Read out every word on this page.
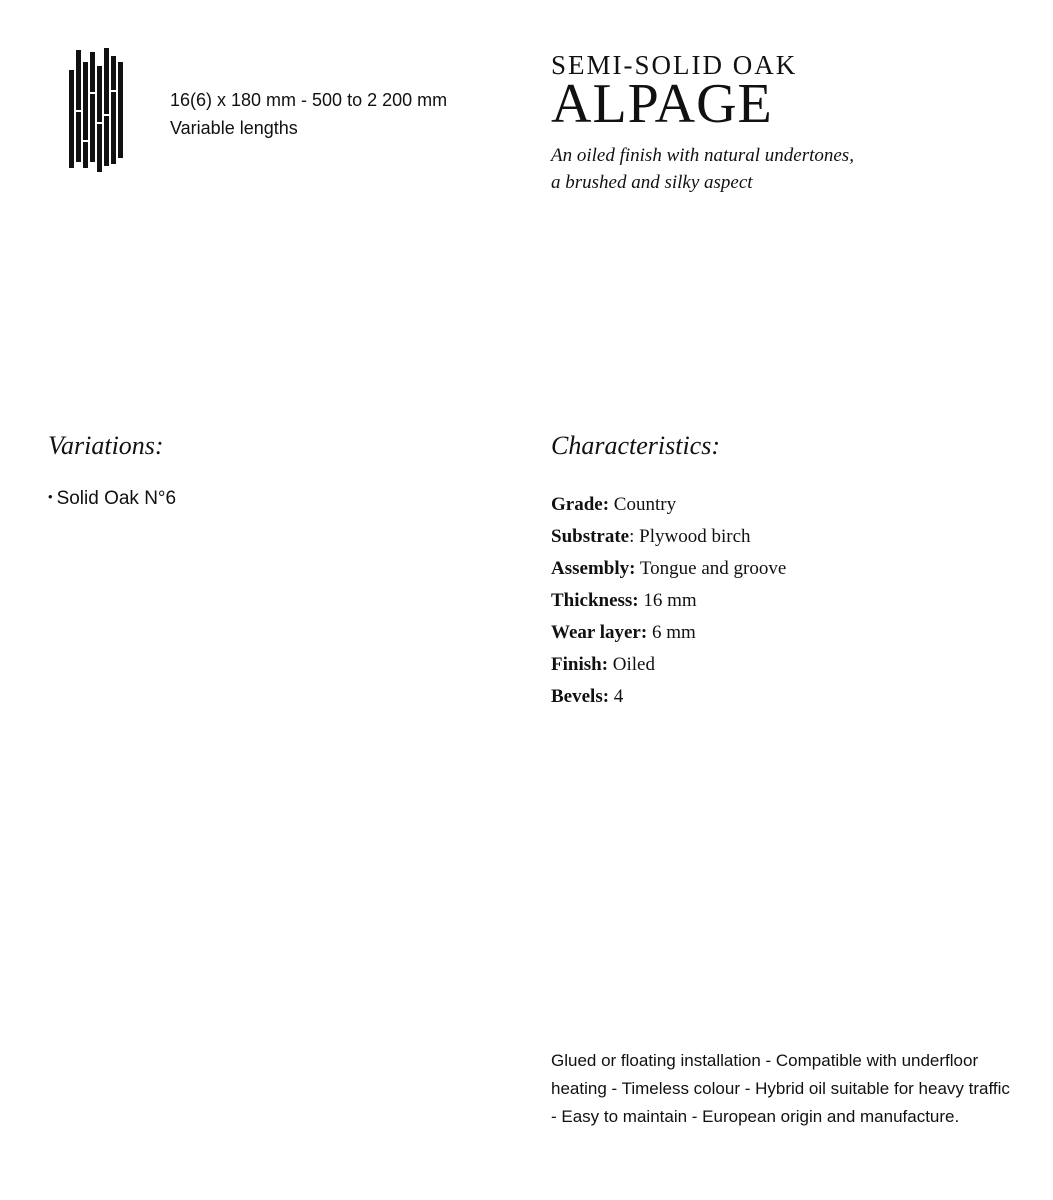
16(6) x 180 mm - 500 to 2 200 mm
Variable lengths
SEMI-SOLID OAK
ALPAGE
An oiled finish with natural undertones,
a brushed and silky aspect
Variations:
• Solid Oak N°6
Characteristics:
Grade: Country
Substrate: Plywood birch
Assembly: Tongue and groove
Thickness: 16 mm
Wear layer: 6 mm
Finish: Oiled
Bevels: 4

Glued or floating installation - Compatible with underfloor heating - Timeless colour - Hybrid oil suitable for heavy traffic - Easy to maintain - European origin and manufacture.
